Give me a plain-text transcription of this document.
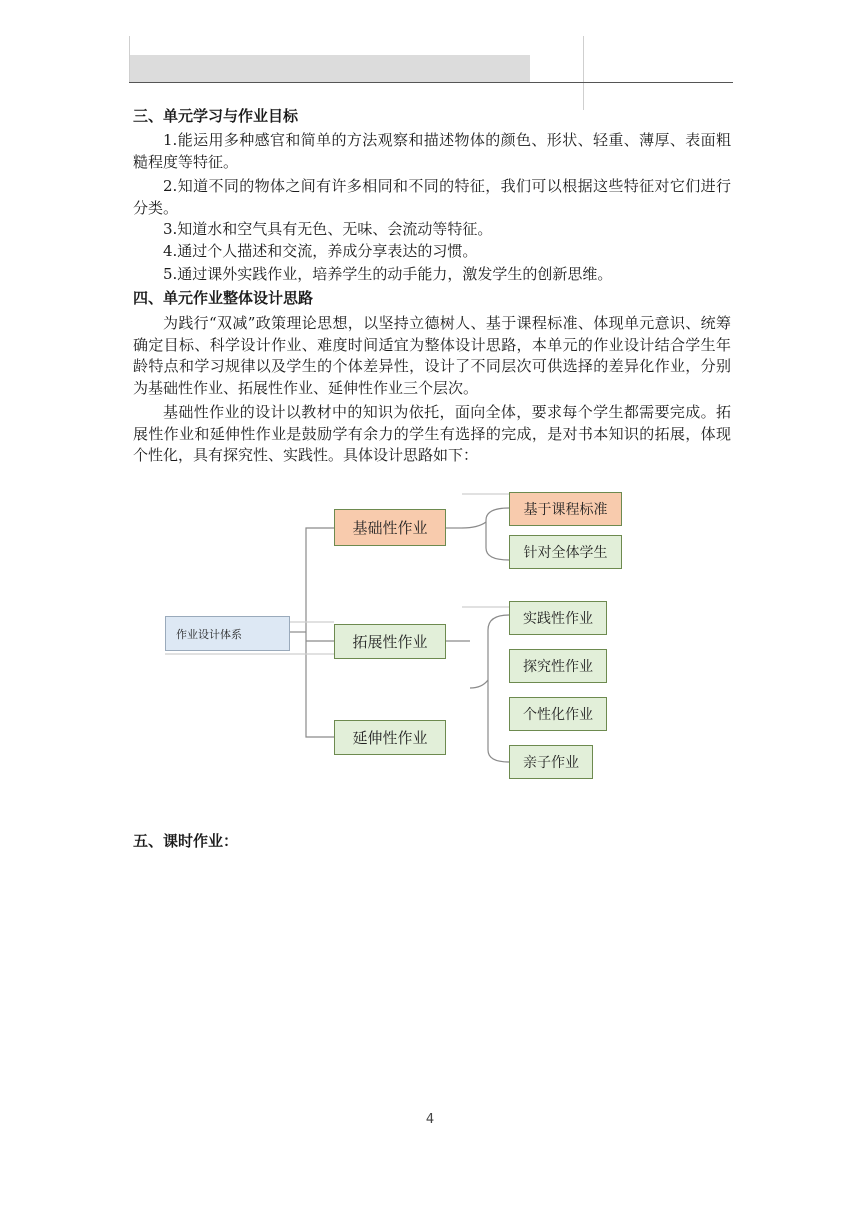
三、单元学习与作业目标
1.能运用多种感官和简单的方法观察和描述物体的颜色、形状、轻重、薄厚、表面粗糙程度等特征。
2.知道不同的物体之间有许多相同和不同的特征，我们可以根据这些特征对它们进行分类。
3.知道水和空气具有无色、无味、会流动等特征。
4.通过个人描述和交流，养成分享表达的习惯。
5.通过课外实践作业，培养学生的动手能力，激发学生的创新思维。
四、单元作业整体设计思路
为践行“双减”政策理论思想，以坚持立德树人、基于课程标准、体现单元意识、统筹确定目标、科学设计作业、难度时间适宜为整体设计思路，本单元的作业设计结合学生年龄特点和学习规律以及学生的个体差异性，设计了不同层次可供选择的差异化作业，分别为基础性作业、拓展性作业、延伸性作业三个层次。
基础性作业的设计以教材中的知识为依托，面向全体，要求每个学生都需要完成。拓展性作业和延伸性作业是鼓励学有余力的学生有选择的完成，是对书本知识的拓展，体现个性化，具有探究性、实践性。具体设计思路如下：
作业设计体系
基础性作业
拓展性作业
延伸性作业
基于课程标准
针对全体学生
实践性作业
探究性作业
个性化作业
亲子作业
五、课时作业：
4
